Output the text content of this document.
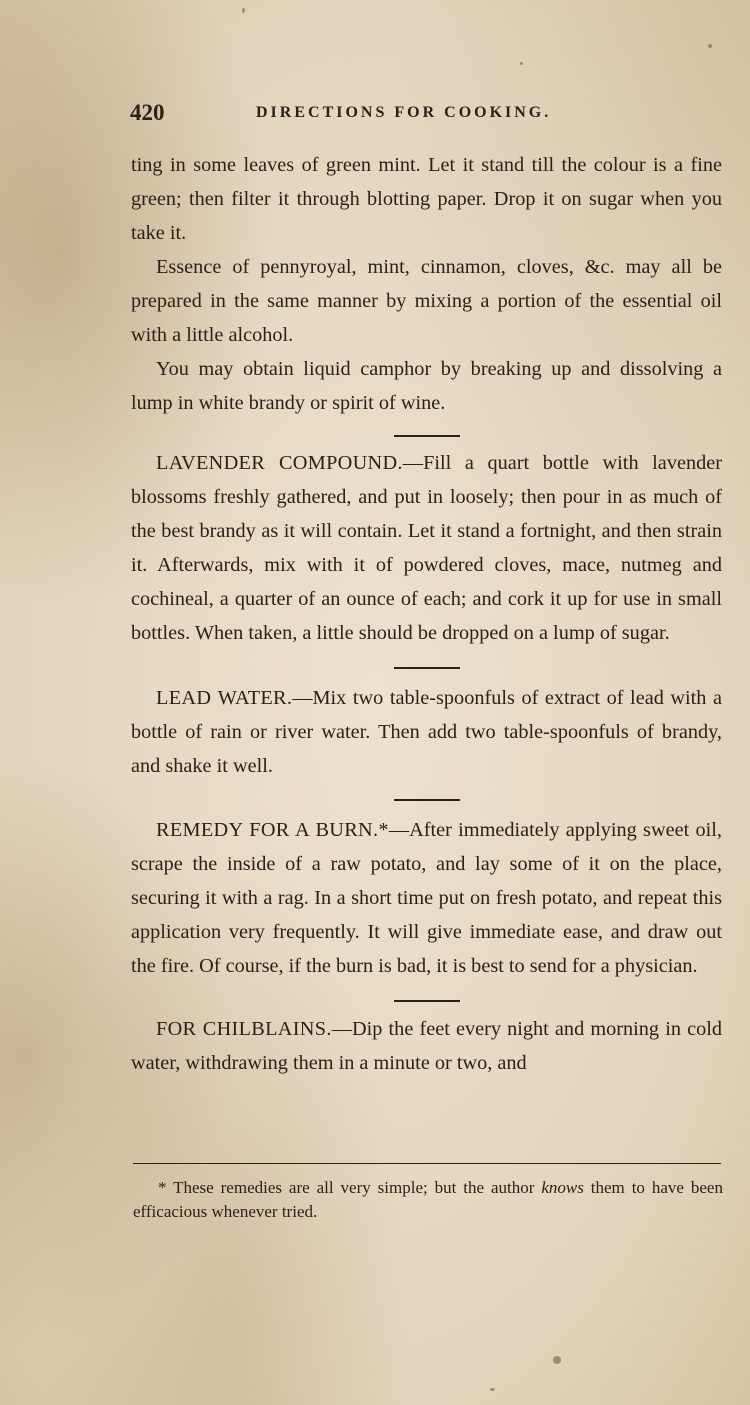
420	DIRECTIONS FOR COOKING.

ting in some leaves of green mint. Let it stand till the colour is a fine green; then filter it through blotting paper. Drop it on sugar when you take it.

Essence of pennyroyal, mint, cinnamon, cloves, &c. may all be prepared in the same manner by mixing a portion of the essential oil with a little alcohol.

You may obtain liquid camphor by breaking up and dissolving a lump in white brandy or spirit of wine.

LAVENDER COMPOUND.—Fill a quart bottle with lavender blossoms freshly gathered, and put in loosely; then pour in as much of the best brandy as it will contain. Let it stand a fortnight, and then strain it. Afterwards, mix with it of powdered cloves, mace, nutmeg and cochineal, a quarter of an ounce of each; and cork it up for use in small bottles. When taken, a little should be dropped on a lump of sugar.

LEAD WATER.—Mix two table-spoonfuls of extract of lead with a bottle of rain or river water. Then add two table-spoonfuls of brandy, and shake it well.

REMEDY FOR A BURN.*—After immediately applying sweet oil, scrape the inside of a raw potato, and lay some of it on the place, securing it with a rag. In a short time put on fresh potato, and repeat this application very frequently. It will give immediate ease, and draw out the fire. Of course, if the burn is bad, it is best to send for a physician.

FOR CHILBLAINS.—Dip the feet every night and morning in cold water, withdrawing them in a minute or two, and

* These remedies are all very simple; but the author knows them to have been efficacious whenever tried.
